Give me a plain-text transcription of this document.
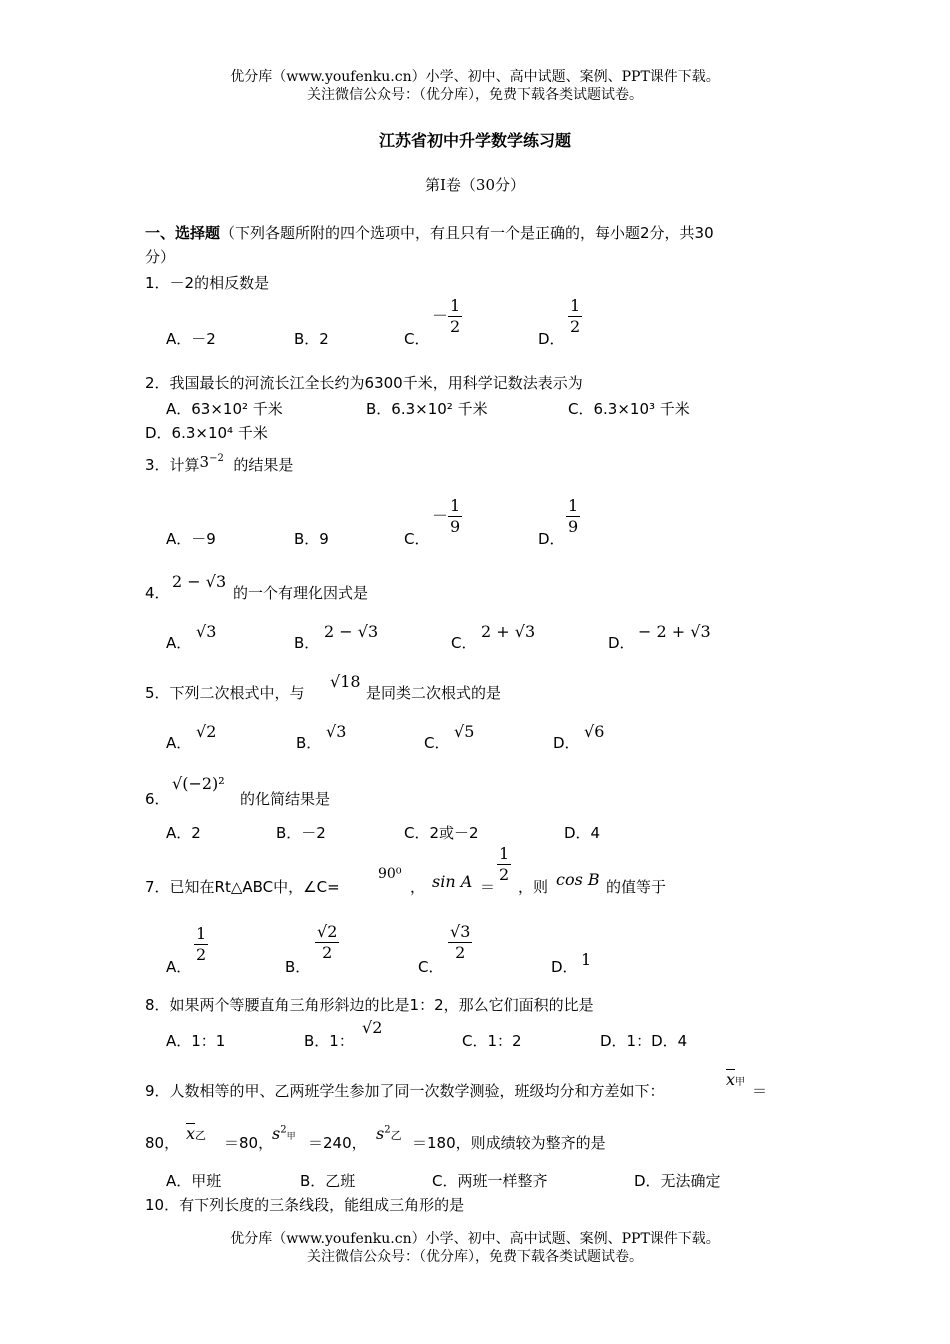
优分库（www.youfenku.cn）小学、初中、高中试题、案例、PPT课件下载。
关注微信公众号：（优分库），免费下载各类试题试卷。
江苏省初中升学数学练习题
第Ⅰ卷（30分）
一、选择题（下列各题所附的四个选项中，有且只有一个是正确的，每小题2分，共30
分）
1．－2的相反数是
A．－2	B．2	C．
－
1
2
D．
$\frac{1}{2}$
2．我国最长的河流长江全长约为6300千米，用科学记数法表示为
A．63×10² 千米	B．6.3×10² 千米	C．6.3×10³ 千米
D．6.3×10⁴ 千米
3．计算$3^{-2}$ 的结果是
A．－9	B．9	C．
－
1
9
D．
$\frac{1}{9}$
4．
2 − √3
的一个有理化因式是
A．
√3
B．
2 − √3
C．
2 + √3
D．
− 2 + √3
5．下列二次根式中，与
√18
是同类二次根式的是
A．
√2
B．
√3
C．
√5
D．
√6
6．
√(−2)²
的化简结果是
A．2	B．－2	C．2或－2	D．4
7．已知在Rt△ABC中，∠C=
90⁰
， sin A ＝
$\frac{1}{2}$
，则 cos B 的值等于
A．
$\frac{1}{2}$
B．
$\frac{√2}{2}$
C．
$\frac{√3}{2}$
D． 1
8．如果两个等腰直角三角形斜边的比是1：2，那么它们面积的比是
A．1：1	B．1：
√2
C．1：2	D．1：D．4
9．人数相等的甲、乙两班学生参加了同一次数学测验，班级均分和方差如下：
$\overline{x}$甲 ＝
80， $\overline{x}$乙 ＝80，
$s^2$甲 ＝240， $s^2$乙 ＝180，则成绩较为整齐的是
A．甲班	B．乙班	C．两班一样整齐	D．无法确定
10．有下列长度的三条线段，能组成三角形的是
优分库（www.youfenku.cn）小学、初中、高中试题、案例、PPT课件下载。
关注微信公众号：（优分库），免费下载各类试题试卷。
